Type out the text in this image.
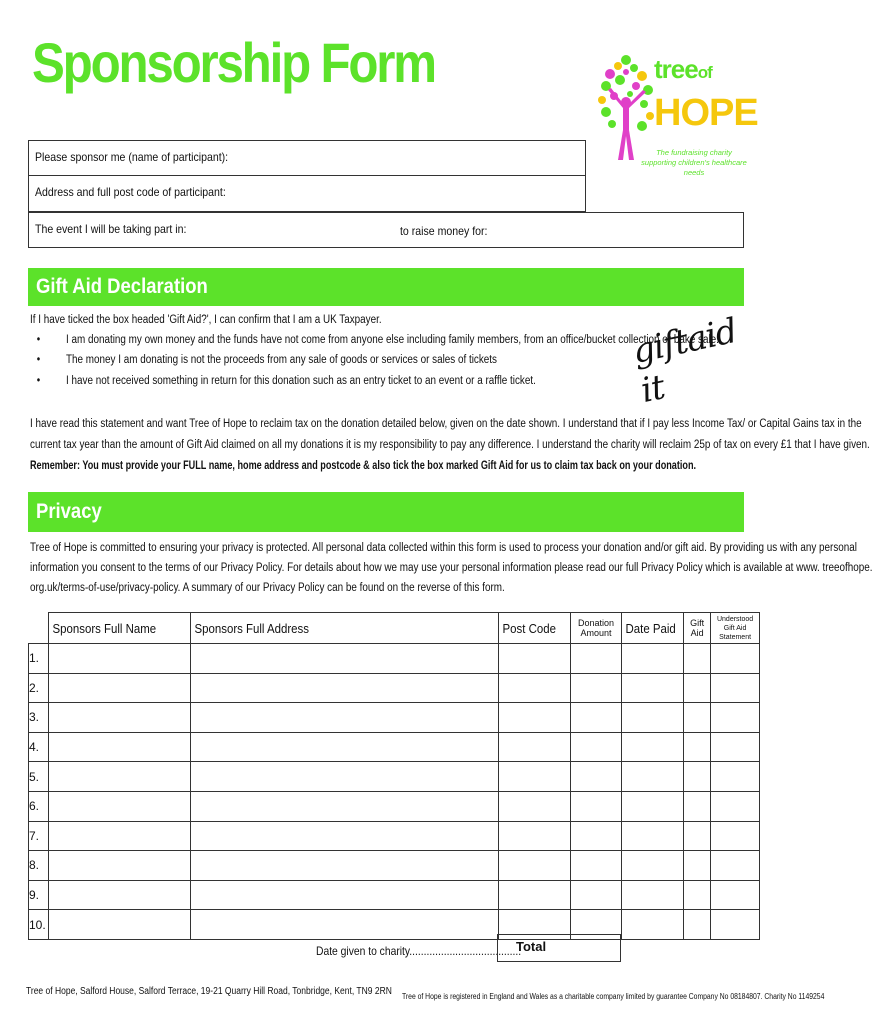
Sponsorship Form	treeof
HOPE
The fundraising charity supporting children's healthcare needs
Please sponsor me (name of participant):
Address and full post code of participant:
The event I will be taking part in:	to raise money for:
Gift Aid Declaration
If I have ticked the box headed 'Gift Aid?', I can confirm that I am a UK Taxpayer.
• I am donating my own money and the funds have not come from anyone else including family members, from an office/bucket collection or bake sale.
• The money I am donating is not the proceeds from any sale of goods or services or sales of tickets
• I have not received something in return for this donation such as an entry ticket to an event or a raffle ticket.
giftaid it
I have read this statement and want Tree of Hope to reclaim tax on the donation detailed below, given on the date shown. I understand that if I pay less Income Tax/ or Capital Gains tax in the
current tax year than the amount of Gift Aid claimed on all my donations it is my responsibility to pay any difference. I understand the charity will reclaim 25p of tax on every £1 that I have given.
Remember: You must provide your FULL name, home address and postcode & also tick the box marked Gift Aid for us to claim tax back on your donation.
Privacy
Tree of Hope is committed to ensuring your privacy is protected. All personal data collected within this form is used to process your donation and/or gift aid. By providing us with any personal
information you consent to the terms of our Privacy Policy. For details about how we may use your personal information please read our full Privacy Policy which is available at www. treeofhope.
org.uk/terms-of-use/privacy-policy. A summary of our Privacy Policy can be found on the reverse of this form.
	Sponsors Full Name	Sponsors Full Address	Post Code	Donation Amount	Date Paid	Gift Aid	Understood Gift Aid Statement
1.							
2.							
3.							
4.							
5.							
6.							
7.							
8.							
9.							
10.							
Date given to charity.......................................
Total
Tree of Hope, Salford House, Salford Terrace, 19-21 Quarry Hill Road, Tonbridge, Kent, TN9 2RN Tree of Hope is registered in England and Wales as a charitable company limited by guarantee Company No 08184807. Charity No 1149254
